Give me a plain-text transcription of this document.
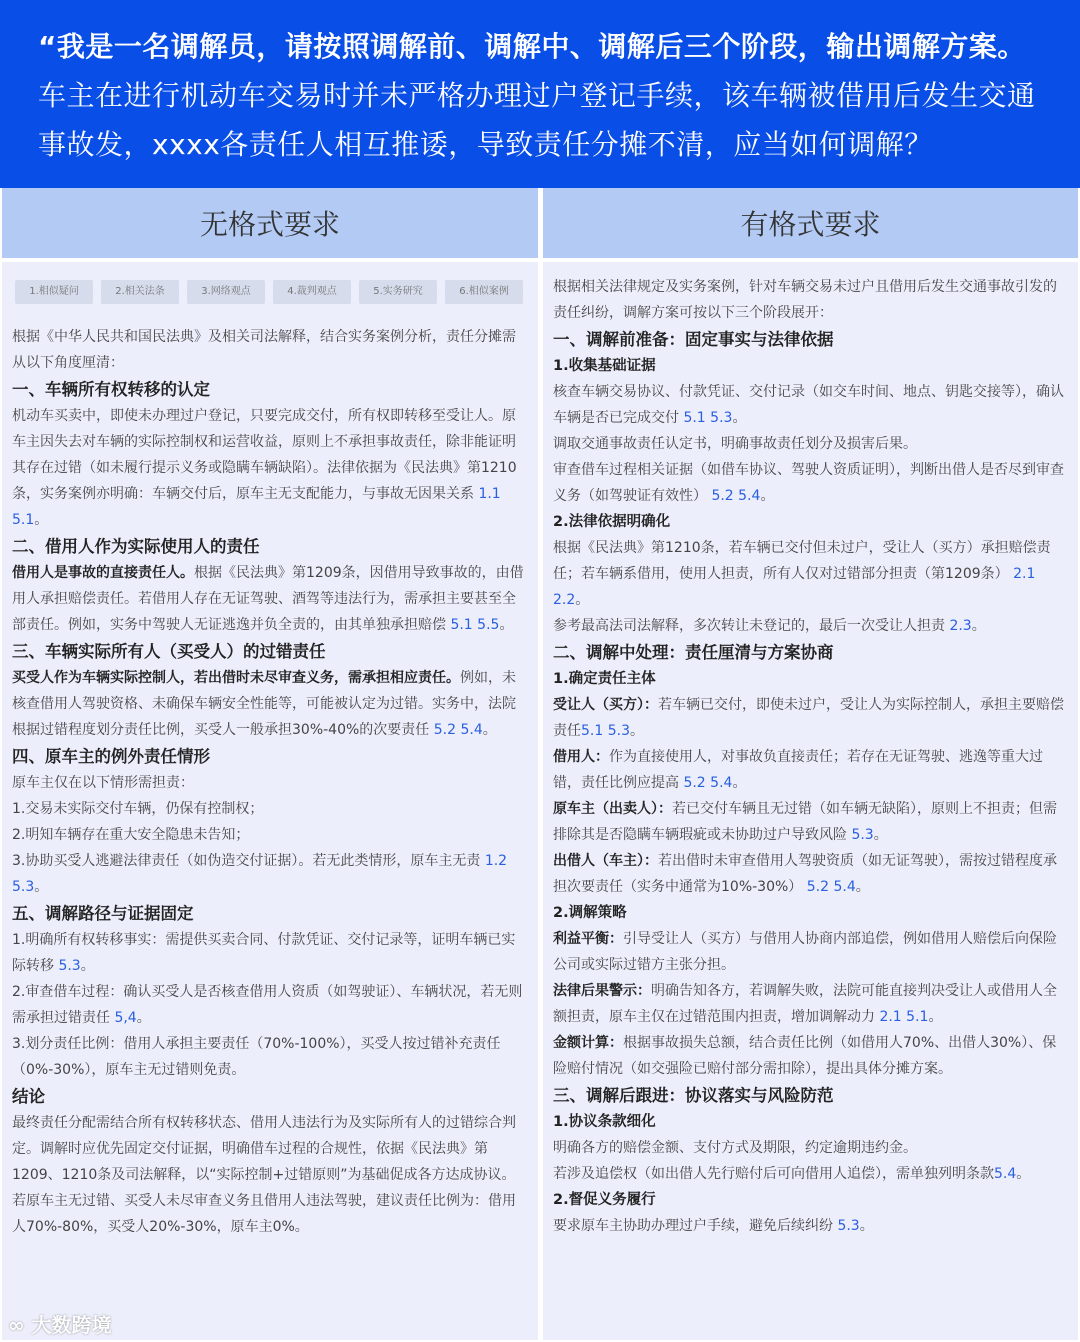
“我是一名调解员，请按照调解前、调解中、调解后三个阶段，输出调解方案。车主在进行机动车交易时并未严格办理过户登记手续，该车辆被借用后发生交通事故发，xxxx各责任人相互推诿，导致责任分摊不清，应当如何调解？
无格式要求	有格式要求
1.相似疑问	2.相关法条	3.网络观点	4.裁判观点	5.实务研究	6.相似案例
根据《中华人民共和国民法典》及相关司法解释，结合实务案例分析，责任分摊需从以下角度厘清：
一、车辆所有权转移的认定
机动车买卖中，即使未办理过户登记，只要完成交付，所有权即转移至受让人。原车主因失去对车辆的实际控制权和运营收益，原则上不承担事故责任，除非能证明其存在过错（如未履行提示义务或隐瞒车辆缺陷）。法律依据为《民法典》第1210条，实务案例亦明确：车辆交付后，原车主无支配能力，与事故无因果关系 1.1 5.1。
二、借用人作为实际使用人的责任
借用人是事故的直接责任人。根据《民法典》第1209条，因借用导致事故的，由借用人承担赔偿责任。若借用人存在无证驾驶、酒驾等违法行为，需承担主要甚至全部责任。例如，实务中驾驶人无证逃逸并负全责的，由其单独承担赔偿 5.1 5.5。
三、车辆实际所有人（买受人）的过错责任
买受人作为车辆实际控制人，若出借时未尽审查义务，需承担相应责任。例如，未核查借用人驾驶资格、未确保车辆安全性能等，可能被认定为过错。实务中，法院根据过错程度划分责任比例，买受人一般承担30%-40%的次要责任 5.2 5.4。
四、原车主的例外责任情形
原车主仅在以下情形需担责：
1.交易未实际交付车辆，仍保有控制权；
2.明知车辆存在重大安全隐患未告知；
3.协助买受人逃避法律责任（如伪造交付证据）。若无此类情形，原车主无责 1.2 5.3。
五、调解路径与证据固定
1.明确所有权转移事实：需提供买卖合同、付款凭证、交付记录等，证明车辆已实际转移 5.3。
2.审查借车过程：确认买受人是否核查借用人资质（如驾驶证）、车辆状况，若无则需承担过错责任 5,4。
3.划分责任比例：借用人承担主要责任（70%-100%），买受人按过错补充责任（0%-30%），原车主无过错则免责。
结论
最终责任分配需结合所有权转移状态、借用人违法行为及实际所有人的过错综合判定。调解时应优先固定交付证据，明确借车过程的合规性，依据《民法典》第1209、1210条及司法解释，以“实际控制+过错原则”为基础促成各方达成协议。若原车主无过错、买受人未尽审查义务且借用人违法驾驶，建议责任比例为：借用人70%-80%，买受人20%-30%，原车主0%。
根据相关法律规定及实务案例，针对车辆交易未过户且借用后发生交通事故引发的责任纠纷，调解方案可按以下三个阶段展开：
一、调解前准备：固定事实与法律依据
1.收集基础证据
核查车辆交易协议、付款凭证、交付记录（如交车时间、地点、钥匙交接等），确认车辆是否已完成交付 5.1 5.3。
调取交通事故责任认定书，明确事故责任划分及损害后果。
审查借车过程相关证据（如借车协议、驾驶人资质证明），判断出借人是否尽到审查义务（如驾驶证有效性） 5.2 5.4。
2.法律依据明确化
根据《民法典》第1210条，若车辆已交付但未过户，受让人（买方）承担赔偿责任；若车辆系借用，使用人担责，所有人仅对过错部分担责（第1209条） 2.1 2.2。
参考最高法司法解释，多次转让未登记的，最后一次受让人担责 2.3。
二、调解中处理：责任厘清与方案协商
1.确定责任主体
受让人（买方）：若车辆已交付，即使未过户，受让人为实际控制人，承担主要赔偿责任5.1 5.3。
借用人：作为直接使用人，对事故负直接责任；若存在无证驾驶、逃逸等重大过错，责任比例应提高 5.2 5.4。
原车主（出卖人）：若已交付车辆且无过错（如车辆无缺陷），原则上不担责；但需排除其是否隐瞒车辆瑕疵或未协助过户导致风险 5.3。
出借人（车主）：若出借时未审查借用人驾驶资质（如无证驾驶），需按过错程度承担次要责任（实务中通常为10%-30%） 5.2 5.4。
2.调解策略
利益平衡：引导受让人（买方）与借用人协商内部追偿，例如借用人赔偿后向保险公司或实际过错方主张分担。
法律后果警示：明确告知各方，若调解失败，法院可能直接判决受让人或借用人全额担责，原车主仅在过错范围内担责，增加调解动力 2.1 5.1。
金额计算：根据事故损失总额，结合责任比例（如借用人70%、出借人30%）、保险赔付情况（如交强险已赔付部分需扣除），提出具体分摊方案。
三、调解后跟进：协议落实与风险防范
1.协议条款细化
明确各方的赔偿金额、支付方式及期限，约定逾期违约金。
若涉及追偿权（如出借人先行赔付后可向借用人追偿），需单独列明条款5.4。
2.督促义务履行
要求原车主协助办理过户手续，避免后续纠纷 5.3。
∞ 大数跨境
